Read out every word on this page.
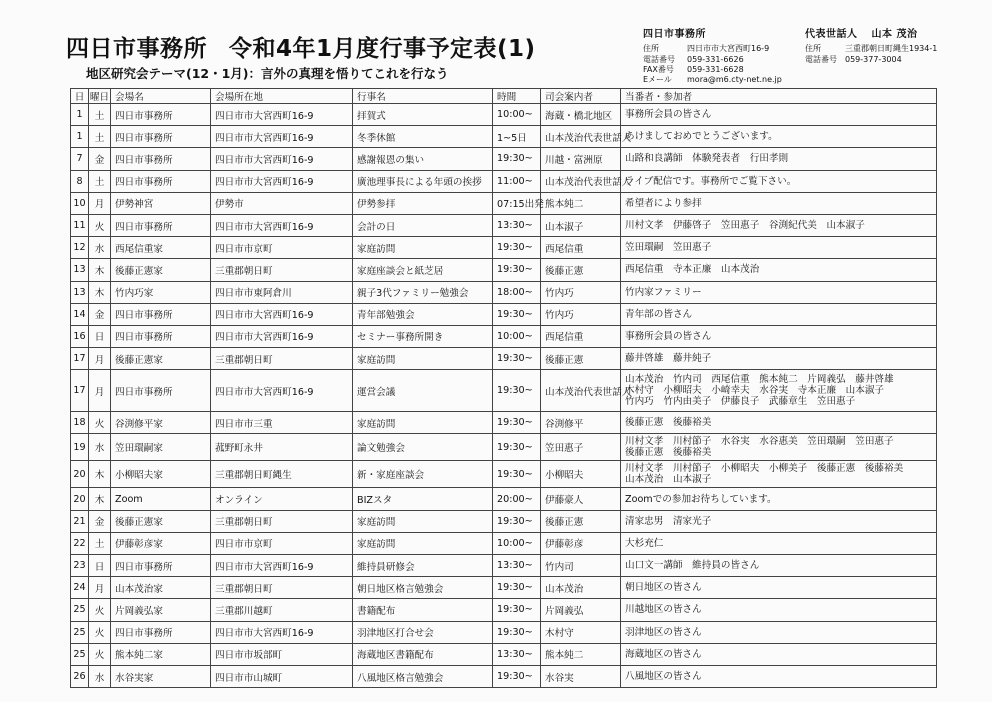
四日市事務所 令和4年1月度行事予定表(1)
地区研究会テーマ(12・1月)：言外の真理を悟りてこれを行なう
四日市事務所
住所	四日市市大宮西町16-9
電話番号	059-331-6626
FAX番号	059-331-6628
Eメール	mora@m6.cty-net.ne.jp
代表世話人 山本 茂治
住所	三重郡朝日町縄生1934-1
電話番号	059-377-3004
日	曜日	会場名	会場所在地	行事名	時間	司会案内者	当番者・参加者
1	土	四日市事務所	四日市市大宮西町16-9	拝賀式	10:00~	海蔵・橋北地区	事務所会員の皆さん
1	土	四日市事務所	四日市市大宮西町16-9	冬季休館	1~5日	山本茂治代表世話人	あけましておめでとうございます。
7	金	四日市事務所	四日市市大宮西町16-9	感謝報恩の集い	19:30~	川越・富洲原	山路和良講師　体験発表者　行田孝則
8	土	四日市事務所	四日市市大宮西町16-9	廣池理事長による年頭の挨拶	11:00~	山本茂治代表世話人	ライブ配信です。事務所でご覧下さい。
10	月	伊勢神宮	伊勢市	伊勢参拝	07:15出発	熊本純二	希望者により参拝
11	火	四日市事務所	四日市市大宮西町16-9	会計の日	13:30~	山本淑子	川村文孝　伊藤啓子　笠田惠子　谷渕紀代美　山本淑子
12	水	西尾信重家	四日市市京町	家庭訪問	19:30~	西尾信重	笠田環嗣　笠田惠子
13	木	後藤正憲家	三重郡朝日町	家庭座談会と紙芝居	19:30~	後藤正憲	西尾信重　寺本正廉　山本茂治
13	木	竹内巧家	四日市市東阿倉川	親子3代ファミリー勉強会	18:00~	竹内巧	竹内家ファミリー
14	金	四日市事務所	四日市市大宮西町16-9	青年部勉強会	19:30~	竹内巧	青年部の皆さん
16	日	四日市事務所	四日市市大宮西町16-9	セミナー事務所開き	10:00~	西尾信重	事務所会員の皆さん
17	月	後藤正憲家	三重郡朝日町	家庭訪問	19:30~	後藤正憲	藤井啓雄　藤井純子
17	月	四日市事務所	四日市市大宮西町16-9	運営会議	19:30~	山本茂治代表世話人	山本茂治　竹内司　西尾信重　熊本純二　片岡義弘　藤井啓雄
木村守　小柳昭夫　小崎幸夫　水谷実　寺本正廉　山本淑子
竹内巧　竹内由美子　伊藤良子　武藤章生　笠田惠子
18	火	谷渕修平家	四日市市三重	家庭訪問	19:30~	谷渕修平	後藤正憲　後藤裕美
19	水	笠田環嗣家	菰野町永井	論文勉強会	19:30~	笠田惠子	川村文孝　川村節子　水谷実　水谷惠美　笠田環嗣　笠田惠子
後藤正憲　後藤裕美
20	木	小柳昭夫家	三重郡朝日町縄生	新・家庭座談会	19:30~	小柳昭夫	川村文孝　川村節子　小柳昭夫　小柳美子　後藤正憲　後藤裕美
山本茂治　山本淑子
20	木	Zoom	オンライン	BIZスタ	20:00~	伊藤豪人	Zoomでの参加お待ちしています。
21	金	後藤正憲家	三重郡朝日町	家庭訪問	19:30~	後藤正憲	清家忠男　清家光子
22	土	伊藤彰彦家	四日市市京町	家庭訪問	10:00~	伊藤彰彦	大杉充仁
23	日	四日市事務所	四日市市大宮西町16-9	維持員研修会	13:30~	竹内司	山口文一講師　維持員の皆さん
24	月	山本茂治家	三重郡朝日町	朝日地区格言勉強会	19:30~	山本茂治	朝日地区の皆さん
25	火	片岡義弘家	三重郡川越町	書籍配布	19:30~	片岡義弘	川越地区の皆さん
25	火	四日市事務所	四日市市大宮西町16-9	羽津地区打合せ会	19:30~	木村守	羽津地区の皆さん
25	火	熊本純二家	四日市市坂部町	海蔵地区書籍配布	13:30~	熊本純二	海蔵地区の皆さん
26	水	水谷実家	四日市市山城町	八風地区格言勉強会	19:30~	水谷実	八風地区の皆さん
